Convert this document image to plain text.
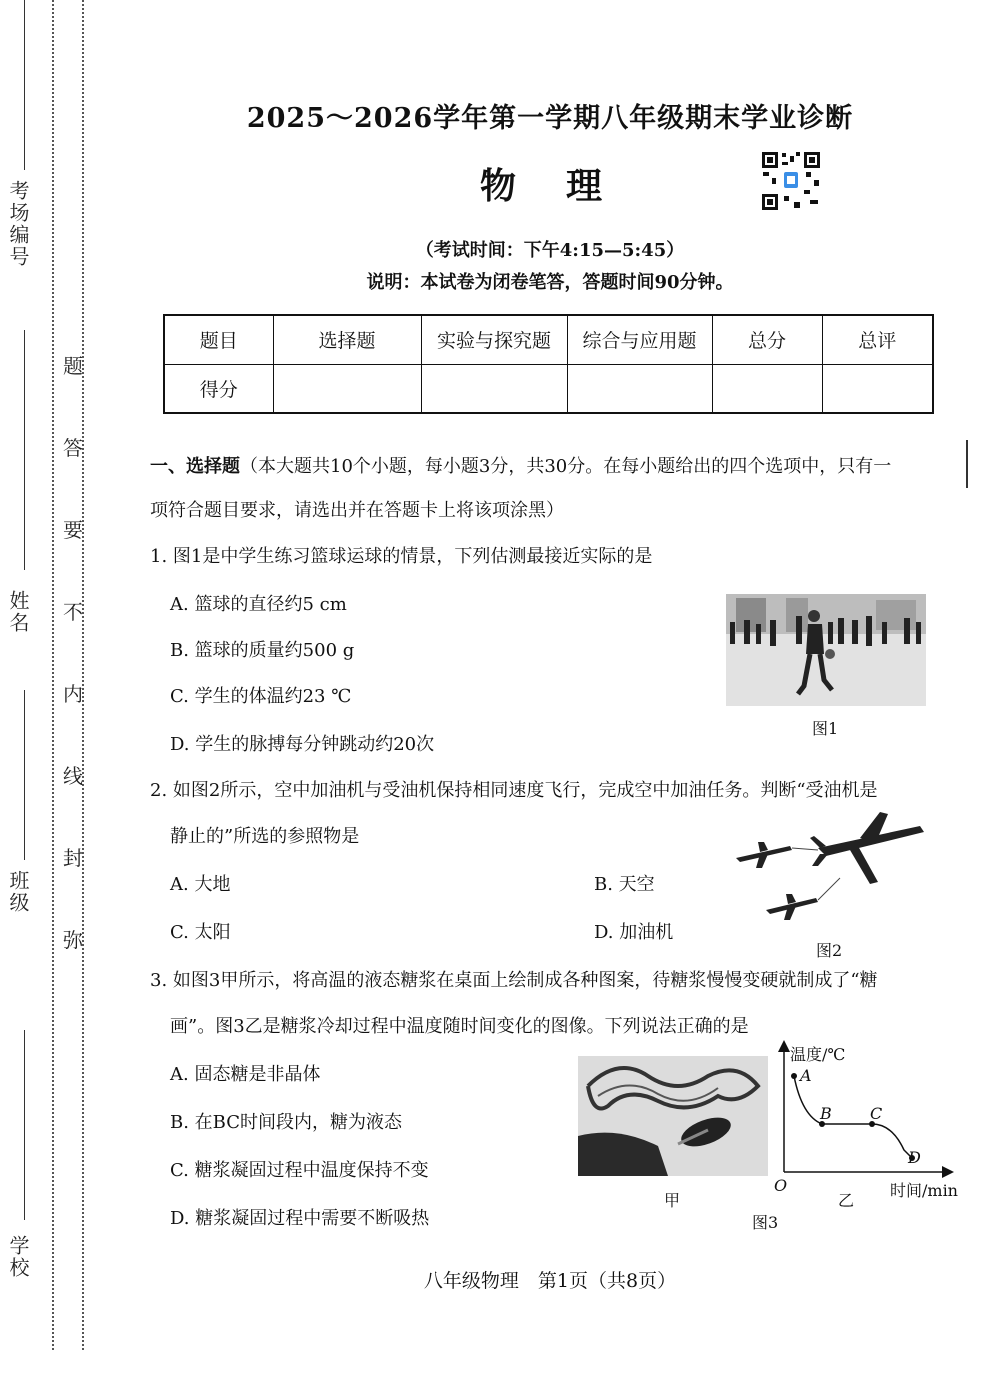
考场编号
姓名
班级
学校
题
答
要
不
内
线
封
弥
2025～2026学年第一学期八年级期末学业诊断
物理
（考试时间：下午4:15—5:45）
说明：本试卷为闭卷笔答，答题时间90分钟。
题目	选择题	实验与探究题	综合与应用题	总分	总评
得分					
一、选择题（本大题共10个小题，每小题3分，共30分。在每小题给出的四个选项中，只有一
项符合题目要求，请选出并在答题卡上将该项涂黑）
1. 图1是中学生练习篮球运球的情景，下列估测最接近实际的是
A. 篮球的直径约5 cm
B. 篮球的质量约500 g
C. 学生的体温约23 ℃
D. 学生的脉搏每分钟跳动约20次
图1
2. 如图2所示，空中加油机与受油机保持相同速度飞行，完成空中加油任务。判断“受油机是
静止的”所选的参照物是
A. 大地	B. 天空
C. 太阳	D. 加油机
图2
3. 如图3甲所示，将高温的液态糖浆在桌面上绘制成各种图案，待糖浆慢慢变硬就制成了“糖
画”。图3乙是糖浆冷却过程中温度随时间变化的图像。下列说法正确的是
A. 固态糖是非晶体
B. 在BC时间段内，糖为液态
C. 糖浆凝固过程中温度保持不变
D. 糖浆凝固过程中需要不断吸热
甲
温度/℃
A
B C
D
O	时间/min
乙
图3
八年级物理　第1页（共8页）
